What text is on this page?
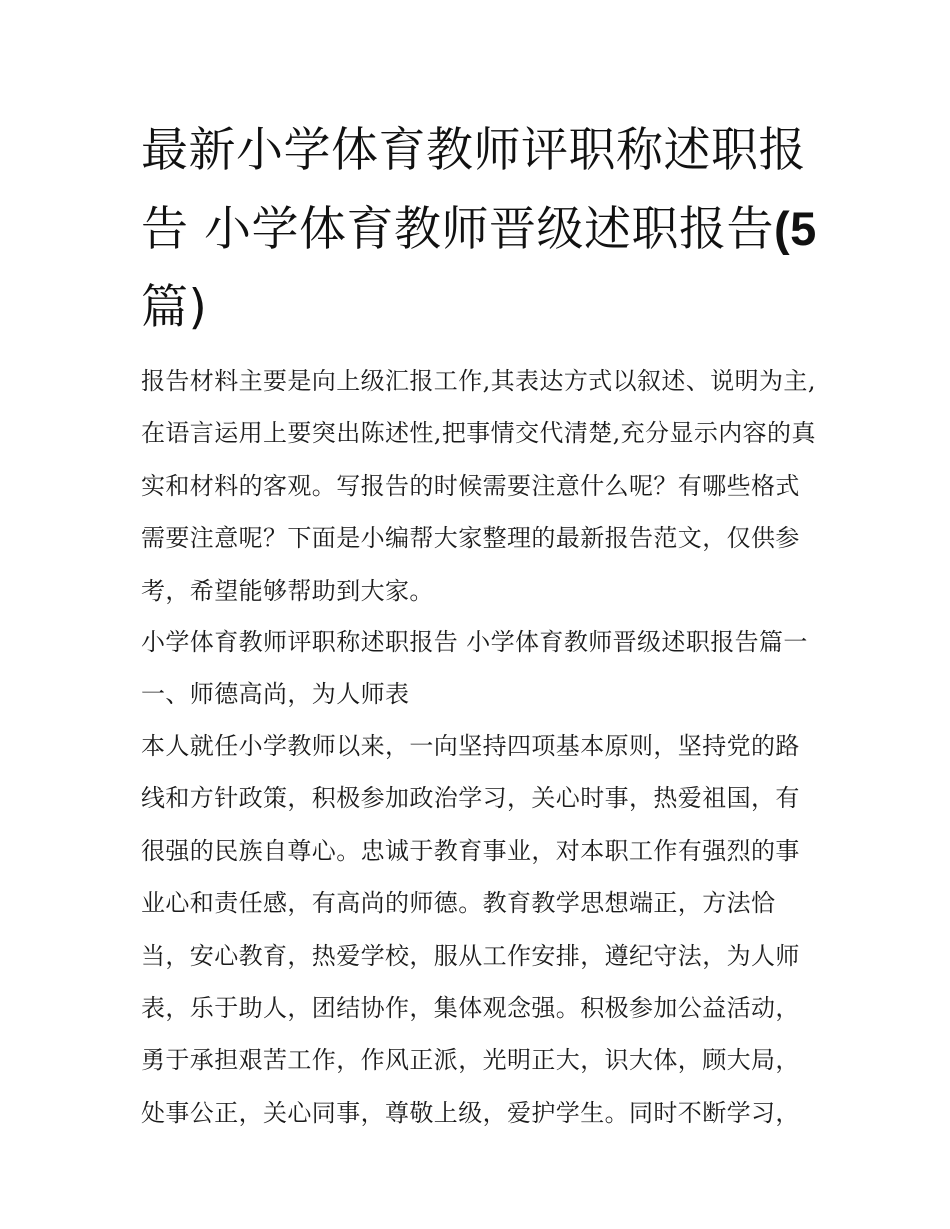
最新小学体育教师评职称述职报告 小学体育教师晋级述职报告(5篇)

报告材料主要是向上级汇报工作,其表达方式以叙述、说明为主,在语言运用上要突出陈述性,把事情交代清楚,充分显示内容的真实和材料的客观。写报告的时候需要注意什么呢？有哪些格式需要注意呢？下面是小编帮大家整理的最新报告范文，仅供参考，希望能够帮助到大家。

小学体育教师评职称述职报告 小学体育教师晋级述职报告篇一 一、师德高尚，为人师表

本人就任小学教师以来，一向坚持四项基本原则，坚持党的路线和方针政策，积极参加政治学习，关心时事，热爱祖国，有很强的民族自尊心。忠诚于教育事业，对本职工作有强烈的事业心和责任感，有高尚的师德。教育教学思想端正，方法恰当，安心教育，热爱学校，服从工作安排，遵纪守法，为人师表，乐于助人，团结协作，集体观念强。积极参加公益活动，勇于承担艰苦工作，作风正派，光明正大，识大体，顾大局，处事公正，关心同事，尊敬上级，爱护学生。同时不断学习，
